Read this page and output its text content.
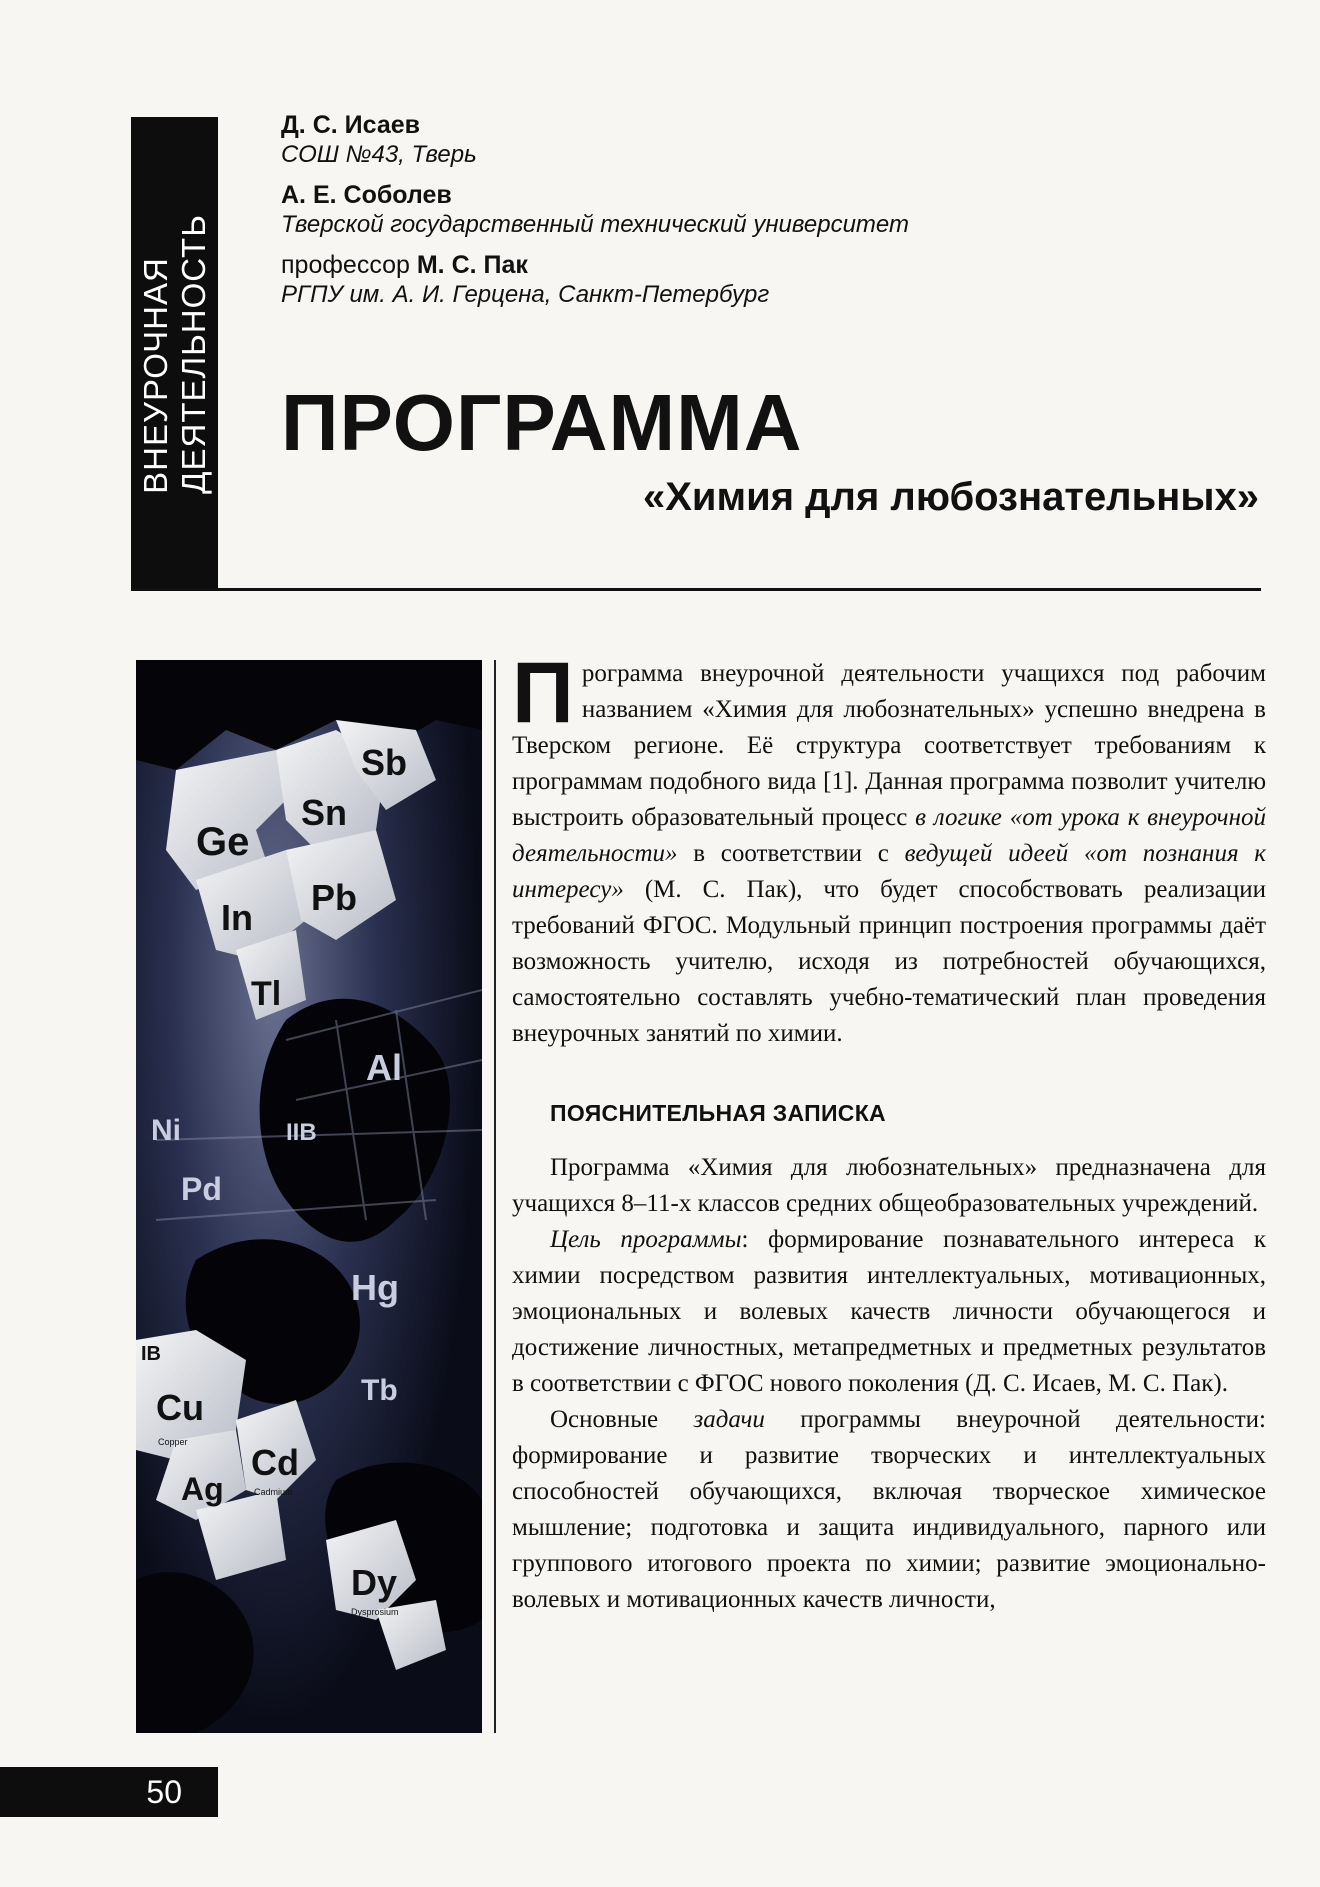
ВНЕУРОЧНАЯ ДЕЯТЕЛЬНОСТЬ
Д. С. Исаев
СОШ №43, Тверь
А. Е. Соболев
Тверской государственный технический университет
профессор М. С. Пак
РГПУ им. А. И. Герцена, Санкт-Петербург
ПРОГРАММА
«Химия для любознательных»
Ge
Sn
Sb
In Pb
Tl
Al
IIB
Pd
Ni
Hg
IB
Cu
Ag
Cd
Tb
Dy
Copper
Cadmium
Dysprosium

Программа внеурочной деятельности учащихся под рабочим названием «Химия для любознательных» успешно внедрена в Тверском регионе. Её структура соответствует требованиям к программам подобного вида [1]. Данная программа позволит учителю выстроить образовательный процесс в логике «от урока к внеурочной деятельности» в соответствии с ведущей идеей «от познания к интересу» (М. С. Пак), что будет способствовать реализации требований ФГОС. Модульный принцип построения программы даёт возможность учителю, исходя из потребностей обучающихся, самостоятельно составлять учебно-тематический план проведения внеурочных занятий по химии.

ПОЯСНИТЕЛЬНАЯ ЗАПИСКА

Программа «Химия для любознательных» предназначена для учащихся 8–11-х классов средних общеобразовательных учреждений.

Цель программы: формирование познавательного интереса к химии посредством развития интеллектуальных, мотивационных, эмоциональных и волевых качеств личности обучающегося и достижение личностных, метапредметных и предметных результатов в соответствии с ФГОС нового поколения (Д. С. Исаев, М. С. Пак).

Основные задачи программы внеурочной деятельности: формирование и развитие творческих и интеллектуальных способностей обучающихся, включая творческое химическое мышление; подготовка и защита индивидуального, парного или группового итогового проекта по химии; развитие эмоционально-волевых и мотивационных качеств личности,

50
